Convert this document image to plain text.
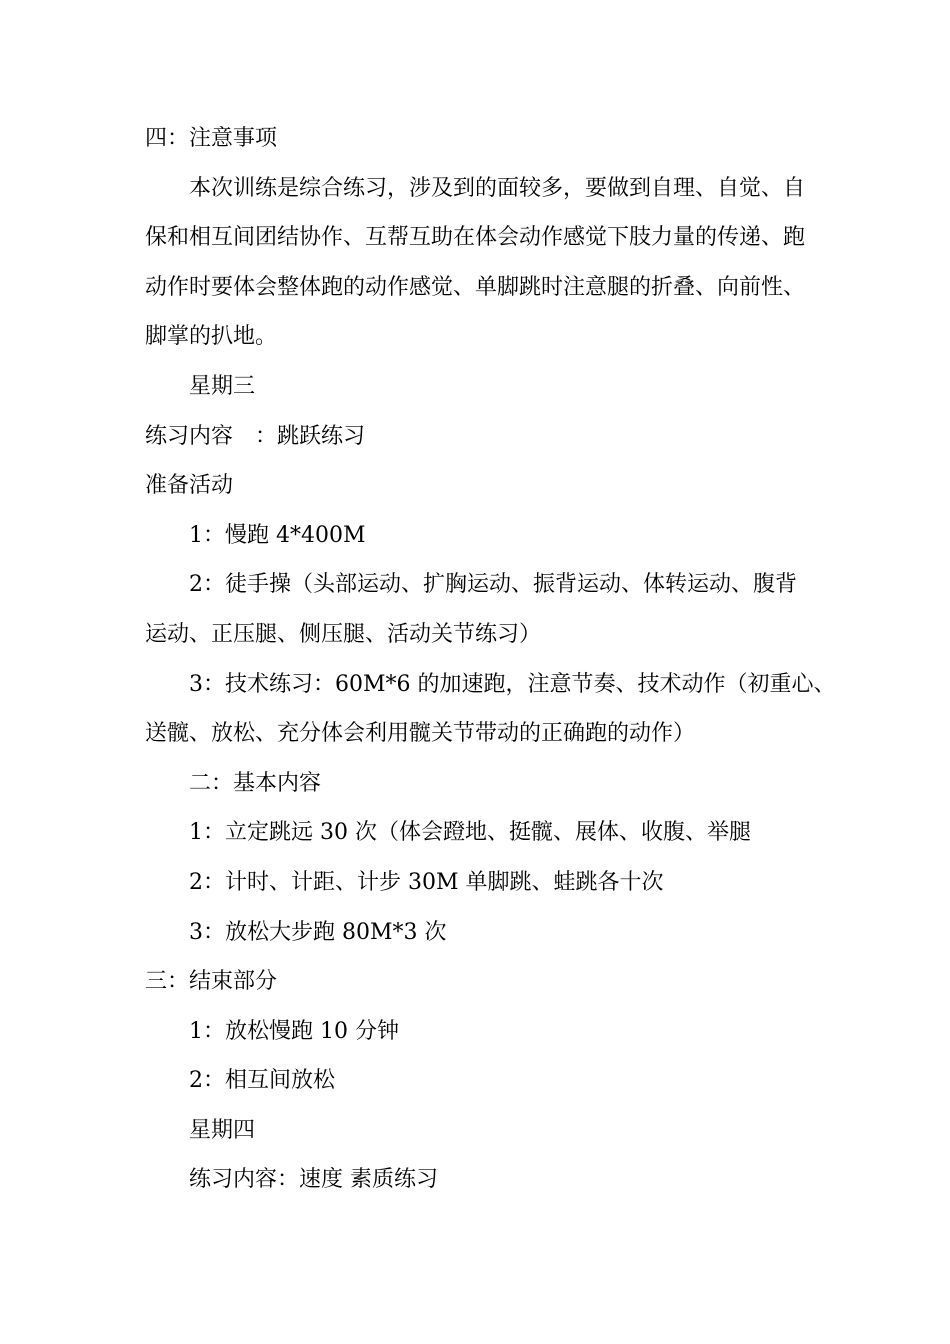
四：注意事项
本次训练是综合练习，涉及到的面较多，要做到自理、自觉、自
保和相互间团结协作、互帮互助在体会动作感觉下肢力量的传递、跑
动作时要体会整体跑的动作感觉、单脚跳时注意腿的折叠、向前性、
脚掌的扒地。
星期三
练习内容　：跳跃练习
准备活动
1：慢跑 4*400M
2：徒手操（头部运动、扩胸运动、振背运动、体转运动、腹背
运动、正压腿、侧压腿、活动关节练习）
3：技术练习：60M*6 的加速跑，注意节奏、技术动作（初重心、
送髋、放松、充分体会利用髋关节带动的正确跑的动作）
二：基本内容
1：立定跳远 30 次（体会蹬地、挺髋、展体、收腹、举腿
2：计时、计距、计步 30M 单脚跳、蛙跳各十次
3：放松大步跑 80M*3 次
三：结束部分
1：放松慢跑 10 分钟
2：相互间放松
星期四
练习内容：速度 素质练习
